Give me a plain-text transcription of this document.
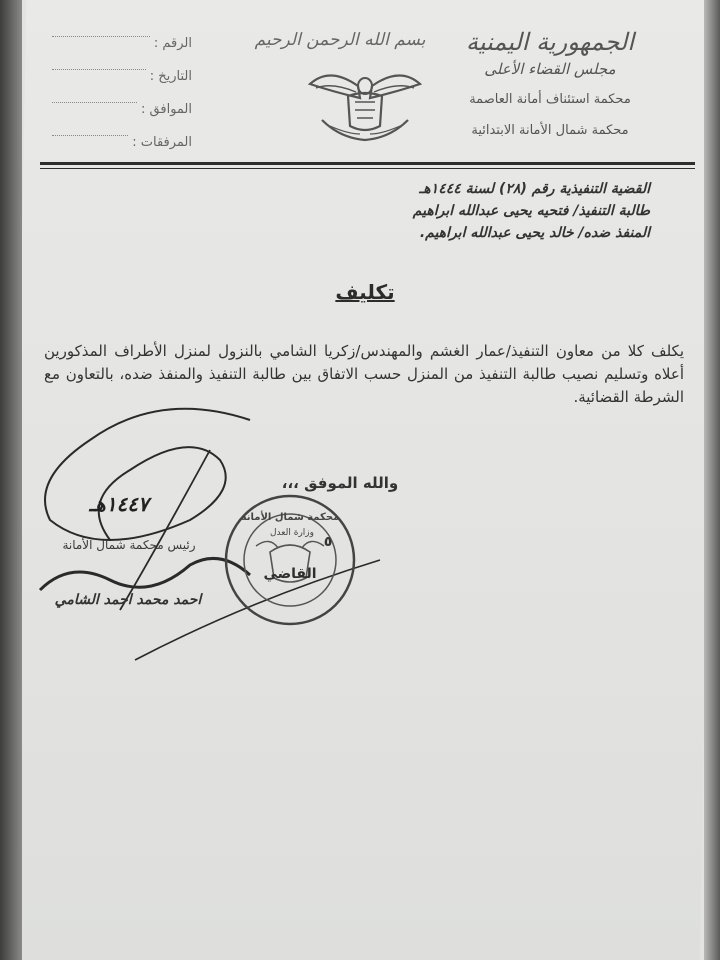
الجمهورية اليمنية
مجلس القضاء الأعلى
محكمة استئناف أمانة العاصمة
محكمة شمال الأمانة الابتدائية
بسم الله الرحمن الرحيم
الرقم :
التاريخ :
الموافق :
المرفقات :
القضية التنفيذية رقم (٢٨) لسنة ١٤٤٤هـ
طالبة التنفيذ/ فتحيه يحيى عبدالله ابراهيم
المنفذ ضده/ خالد يحيى عبدالله ابراهيم.
تكليف
يكلف كلا من معاون التنفيذ/عمار الغشم والمهندس/زكريا الشامي بالنزول لمنزل الأطراف المذكورين أعلاه وتسليم نصيب طالبة التنفيذ من المنزل حسب الاتفاق بين طالبة التنفيذ والمنفذ ضده، بالتعاون مع الشرطة القضائية.
والله الموفق ،،،
محكمة شمال الأمانة
وزارة العدل
٥
القاضي
١٤٤٧هـ
رئيس محكمة شمال الأمانة
احمد محمد احمد الشامي
